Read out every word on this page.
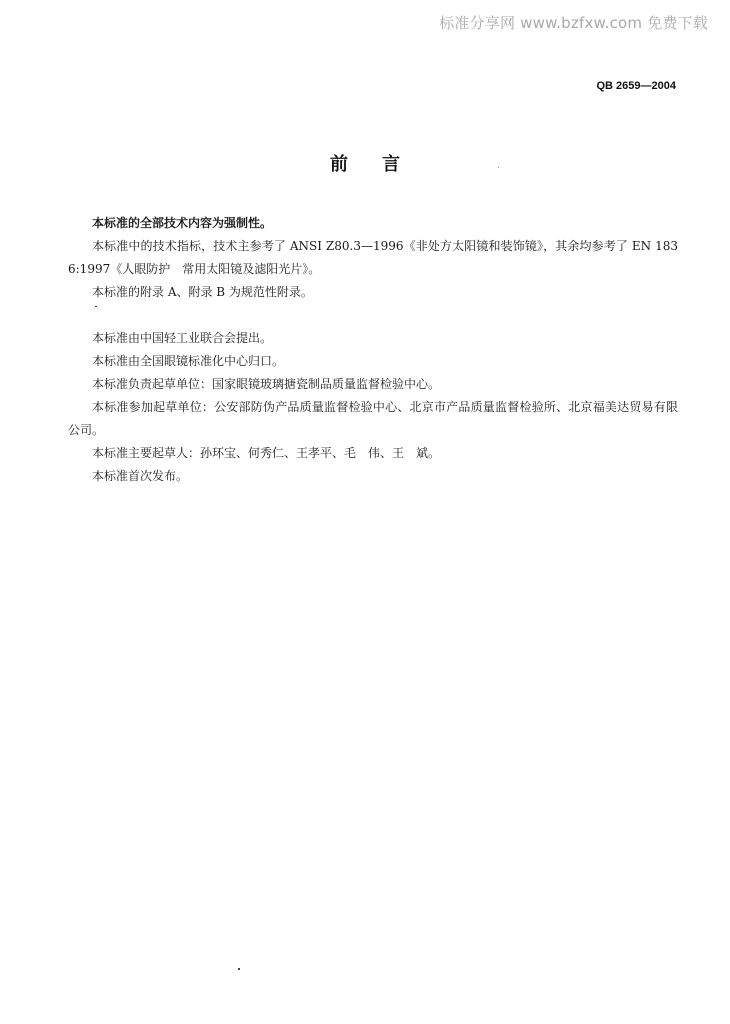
标准分享网 www.bzfxw.com 免费下载
QB 2659—2004
前言

本标准的全部技术内容为强制性。

本标准中的技术指标，技术主参考了 ANSI Z80.3—1996《非处方太阳镜和装饰镜》，其余均参考了 EN 1836:1997《人眼防护　常用太阳镜及滤阳光片》。

本标准的附录 A、附录 B 为规范性附录。

本标准由中国轻工业联合会提出。

本标准由全国眼镜标准化中心归口。

本标准负责起草单位：国家眼镜玻璃搪瓷制品质量监督检验中心。

本标准参加起草单位：公安部防伪产品质量监督检验中心、北京市产品质量监督检验所、北京福美达贸易有限公司。

本标准主要起草人：孙环宝、何秀仁、王孝平、毛　伟、王　斌。

本标准首次发布。
